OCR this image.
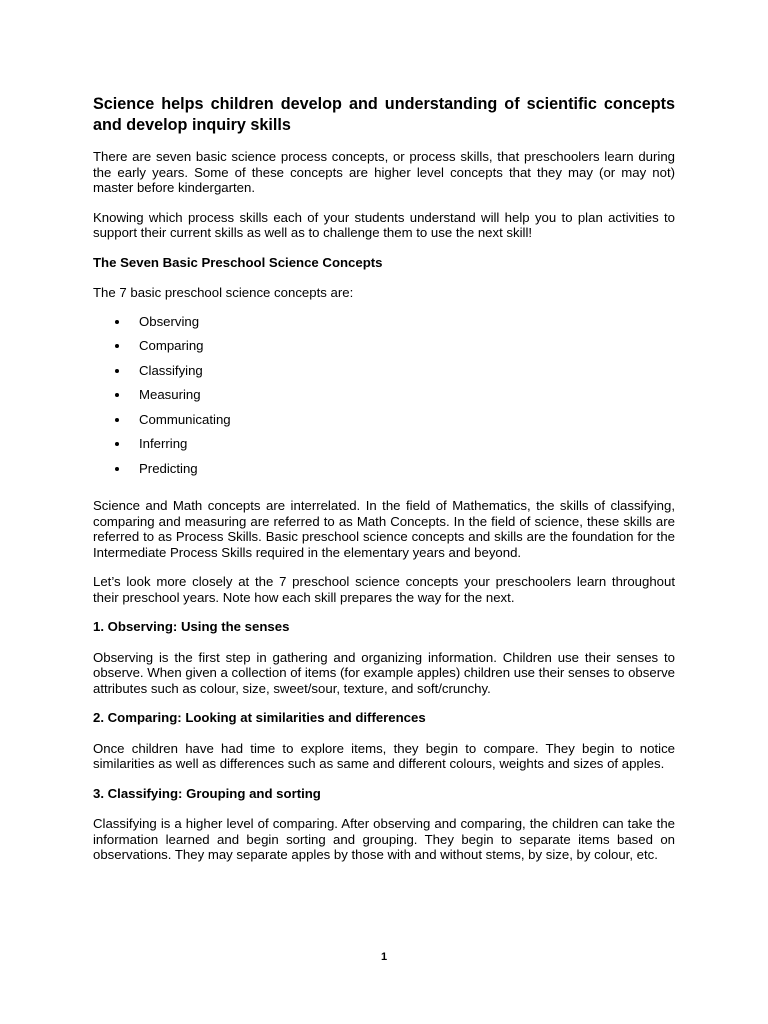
Science helps children develop and understanding of scientific concepts and develop inquiry skills

There are seven basic science process concepts, or process skills, that preschoolers learn during the early years. Some of these concepts are higher level concepts that they may (or may not) master before kindergarten.

Knowing which process skills each of your students understand will help you to plan activities to support their current skills as well as to challenge them to use the next skill!

The Seven Basic Preschool Science Concepts

The 7 basic preschool science concepts are:

Observing
Comparing
Classifying
Measuring
Communicating
Inferring
Predicting

Science and Math concepts are interrelated. In the field of Mathematics, the skills of classifying, comparing and measuring are referred to as Math Concepts. In the field of science, these skills are referred to as Process Skills. Basic preschool science concepts and skills are the foundation for the Intermediate Process Skills required in the elementary years and beyond.

Let’s look more closely at the 7 preschool science concepts your preschoolers learn throughout their preschool years. Note how each skill prepares the way for the next.

1. Observing: Using the senses

Observing is the first step in gathering and organizing information. Children use their senses to observe. When given a collection of items (for example apples) children use their senses to observe attributes such as colour, size, sweet/sour, texture, and soft/crunchy.

2. Comparing: Looking at similarities and differences

Once children have had time to explore items, they begin to compare. They begin to notice similarities as well as differences such as same and different colours, weights and sizes of apples.

3. Classifying: Grouping and sorting

Classifying is a higher level of comparing. After observing and comparing, the children can take the information learned and begin sorting and grouping. They begin to separate items based on observations. They may separate apples by those with and without stems, by size, by colour, etc.

1
